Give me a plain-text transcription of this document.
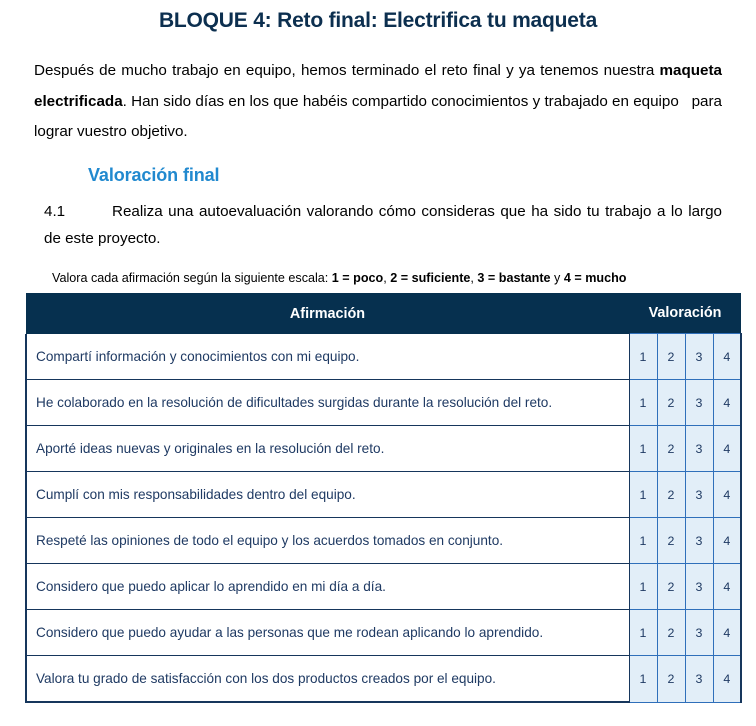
BLOQUE 4: Reto final: Electrifica tu maqueta

Después de mucho trabajo en equipo, hemos terminado el reto final y ya tenemos nuestra maqueta electrificada. Han sido días en los que habéis compartido conocimientos y trabajado en equipo   para lograr vuestro objetivo.

Valoración final

4.1	Realiza una autoevaluación valorando cómo consideras que ha sido tu trabajo a lo largo de este proyecto.

Valora cada afirmación según la siguiente escala: 1 = poco, 2 = suficiente, 3 = bastante y 4 = mucho

Afirmación	Valoración			
Compartí información y conocimientos con mi equipo.	1	2	3	4
He colaborado en la resolución de dificultades surgidas durante la resolución del reto.	1	2	3	4
Aporté ideas nuevas y originales en la resolución del reto.	1	2	3	4
Cumplí con mis responsabilidades dentro del equipo.	1	2	3	4
Respeté las opiniones de todo el equipo y los acuerdos tomados en conjunto.	1	2	3	4
Considero que puedo aplicar lo aprendido en mi día a día.	1	2	3	4
Considero que puedo ayudar a las personas que me rodean aplicando lo aprendido.	1	2	3	4
Valora tu grado de satisfacción con los dos productos creados por el equipo.	1	2	3	4
